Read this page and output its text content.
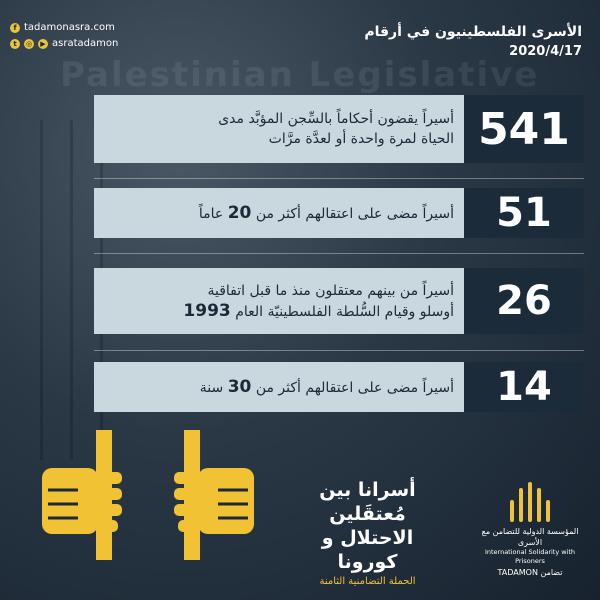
Palestinian Legislative
f tadamonasra.com
t	◎	▶ asratadamon
الأسرى الفلسطينيون في أرقام
2020/4/17
أسيراً يقضون أحكاماً بالسِّجن المؤبَّد مدى
الحياة لمرة واحدة أو لعدَّة مرَّات 541
أسيراً مضى على اعتقالهم أكثر من 20 عاماً	51
أسيراً من بينهم معتقلون منذ ما قبل اتفاقية
أوسلو وقيام السُّلطة الفلسطينيّة العام 1993	26
أسيراً مضى على اعتقالهم أكثر من 30 سنة	14
أسرانا بين مُعتقَلين
الاحتلال و كورونا
الحملة التضامنية الثامنة
المؤسسة الدولية للتضامن مع الأسرى
International Solidarity with Prisoners
TADAMON تضامن
